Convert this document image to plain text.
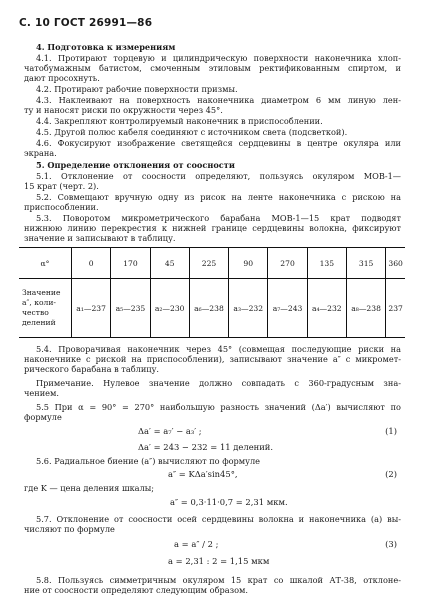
С. 10 ГОСТ 26991—86
4. Подготовка к измерениям
4.1. Протирают торцевую и цилиндрическую поверхности наконечника хлоп-
чатобумажным батистом, смоченным этиловым ректификованным спиртом, и
дают просохнуть.
4.2. Протирают рабочие поверхности призмы.
4.3. Наклеивают на поверхность наконечника диаметром 6 мм линую лен-
ту и наносят риски по окружности через 45°.
4.4. Закрепляют контролируемый наконечник в приспособлении.
4.5. Другой полюс кабеля соединяют с источником света (подсветкой).
4.6. Фокусируют изображение светящейся сердцевины в центре окуляра или
экрана.
5. Определение отклонения от соосности
5.1. Отклонение от соосности определяют, пользуясь окуляром МОВ-1—
15 крат (черт. 2).
5.2. Совмещают вручную одну из рисок на ленте наконечника с рискою на
приспособлении.
5.3. Поворотом микрометрического барабана МОВ-1—15 крат подводят
нижнюю линию перекрестия к нижней границе сердцевины волокна, фиксируют
значение и записывают в таблицу.
α°	0	170	45	225	90	270	135	315	360

Значение
a″, коли-
чество
делений	a₁—237	a₅—235	a₂—230	a₆—238	a₃—232	a₇—243	a₄—232	a₈—238	237
5.4. Проворачивая наконечник через 45° (совмещая последующие риски на
наконечнике с риской на приспособлении), записывают значение a″ с микромет-
рического барабана в таблицу.
Примечание. Нулевое значение должно совпадать с 360-градусным зна-
чением.
5.5 При α = 90° = 270° наибольшую разность значений (Δa′) вычисляют по
формуле
Δa′ = a₇′ − a₃′ ;	(1)
Δa′ = 243 − 232 = 11 делений.
5.6. Радиальное биение (a″) вычисляют по формуле
a″ = KΔa′sin45°,	(2)
где K — цена деления шкалы;
a″ = 0,3·11·0,7 = 2,31 мкм.
5.7. Отклонение от соосности осей сердцевины волокна и наконечника (a) вы-
числяют по формуле
a = a″ / 2 ;	(3)
a = 2,31 : 2 = 1,15 мкм
5.8. Пользуясь симметричным окуляром 15 крат со шкалой АТ-38, отклоне-
ние от соосности определяют следующим образом.
